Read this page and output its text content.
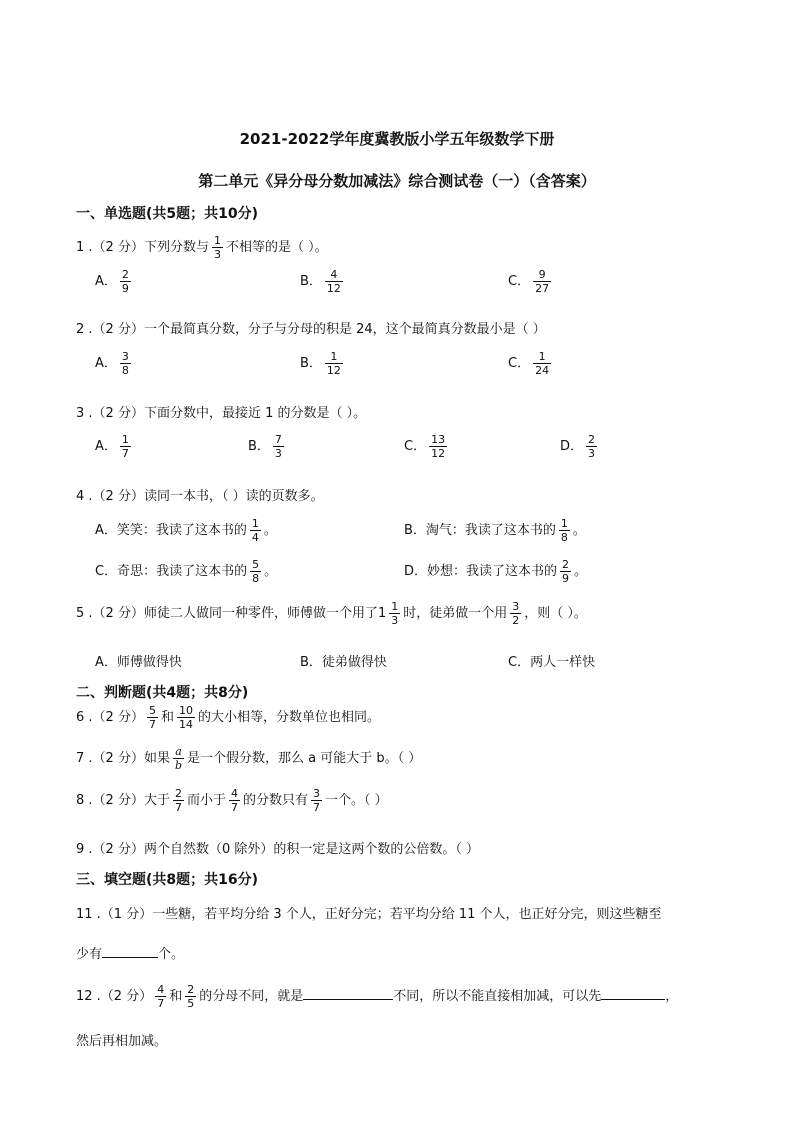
2021-2022学年度冀教版小学五年级数学下册
第二单元《异分母分数加减法》综合测试卷（一）（含答案）
一、单选题(共5题；共10分)
1 .（2 分）下列分数与 $\frac{1}{3}$ 不相等的是（ ）。
A． $\frac{2}{9}$	B． $\frac{4}{12}$	C． $\frac{9}{27}$
2 .（2 分）一个最简真分数，分子与分母的积是 24，这个最简真分数最小是（ ）
A． $\frac{3}{8}$	B． $\frac{1}{12}$	C． $\frac{1}{24}$
3 .（2 分）下面分数中，最接近 1 的分数是（ ）。
A． $\frac{1}{7}$	B． $\frac{7}{3}$	C． $\frac{13}{12}$	D． $\frac{2}{3}$
4 .（2 分）读同一本书，（ ）读的页数多。
A．笑笑：我读了这本书的 $\frac{1}{4}$ 。	B．淘气：我读了这本书的 $\frac{1}{8}$ 。
C．奇思：我读了这本书的 $\frac{5}{8}$ 。	D．妙想：我读了这本书的 $\frac{2}{9}$ 。
5 .（2 分）师徒二人做同一种零件，师傅做一个用了$1 \frac{1}{3}$ 时，徒弟做一个用 $\frac{3}{2}$ ，则（ ）。
A．师傅做得快	B．徒弟做得快	C．两人一样快
二、判断题(共4题；共8分)
6 .（2 分） $\frac{5}{7}$ 和 $\frac{10}{14}$ 的大小相等，分数单位也相同。
7 .（2 分）如果 $\frac{a}{b}$ 是一个假分数，那么 a 可能大于 b。（ ）
8 .（2 分）大于 $\frac{2}{7}$ 而小于 $\frac{4}{7}$ 的分数只有 $\frac{3}{7}$ 一个。（ ）
9 .（2 分）两个自然数（0 除外）的积一定是这两个数的公倍数。（ ）
三、填空题(共8题；共16分)
11 .（1 分）一些糖，若平均分给 3 个人，正好分完；若平均分给 11 个人，也正好分完，则这些糖至
少有	个。
12 .（2 分） $\frac{4}{7}$ 和 $\frac{2}{5}$ 的分母不同，就是	不同，所以不能直接相加减，可以先	，
然后再相加减。
